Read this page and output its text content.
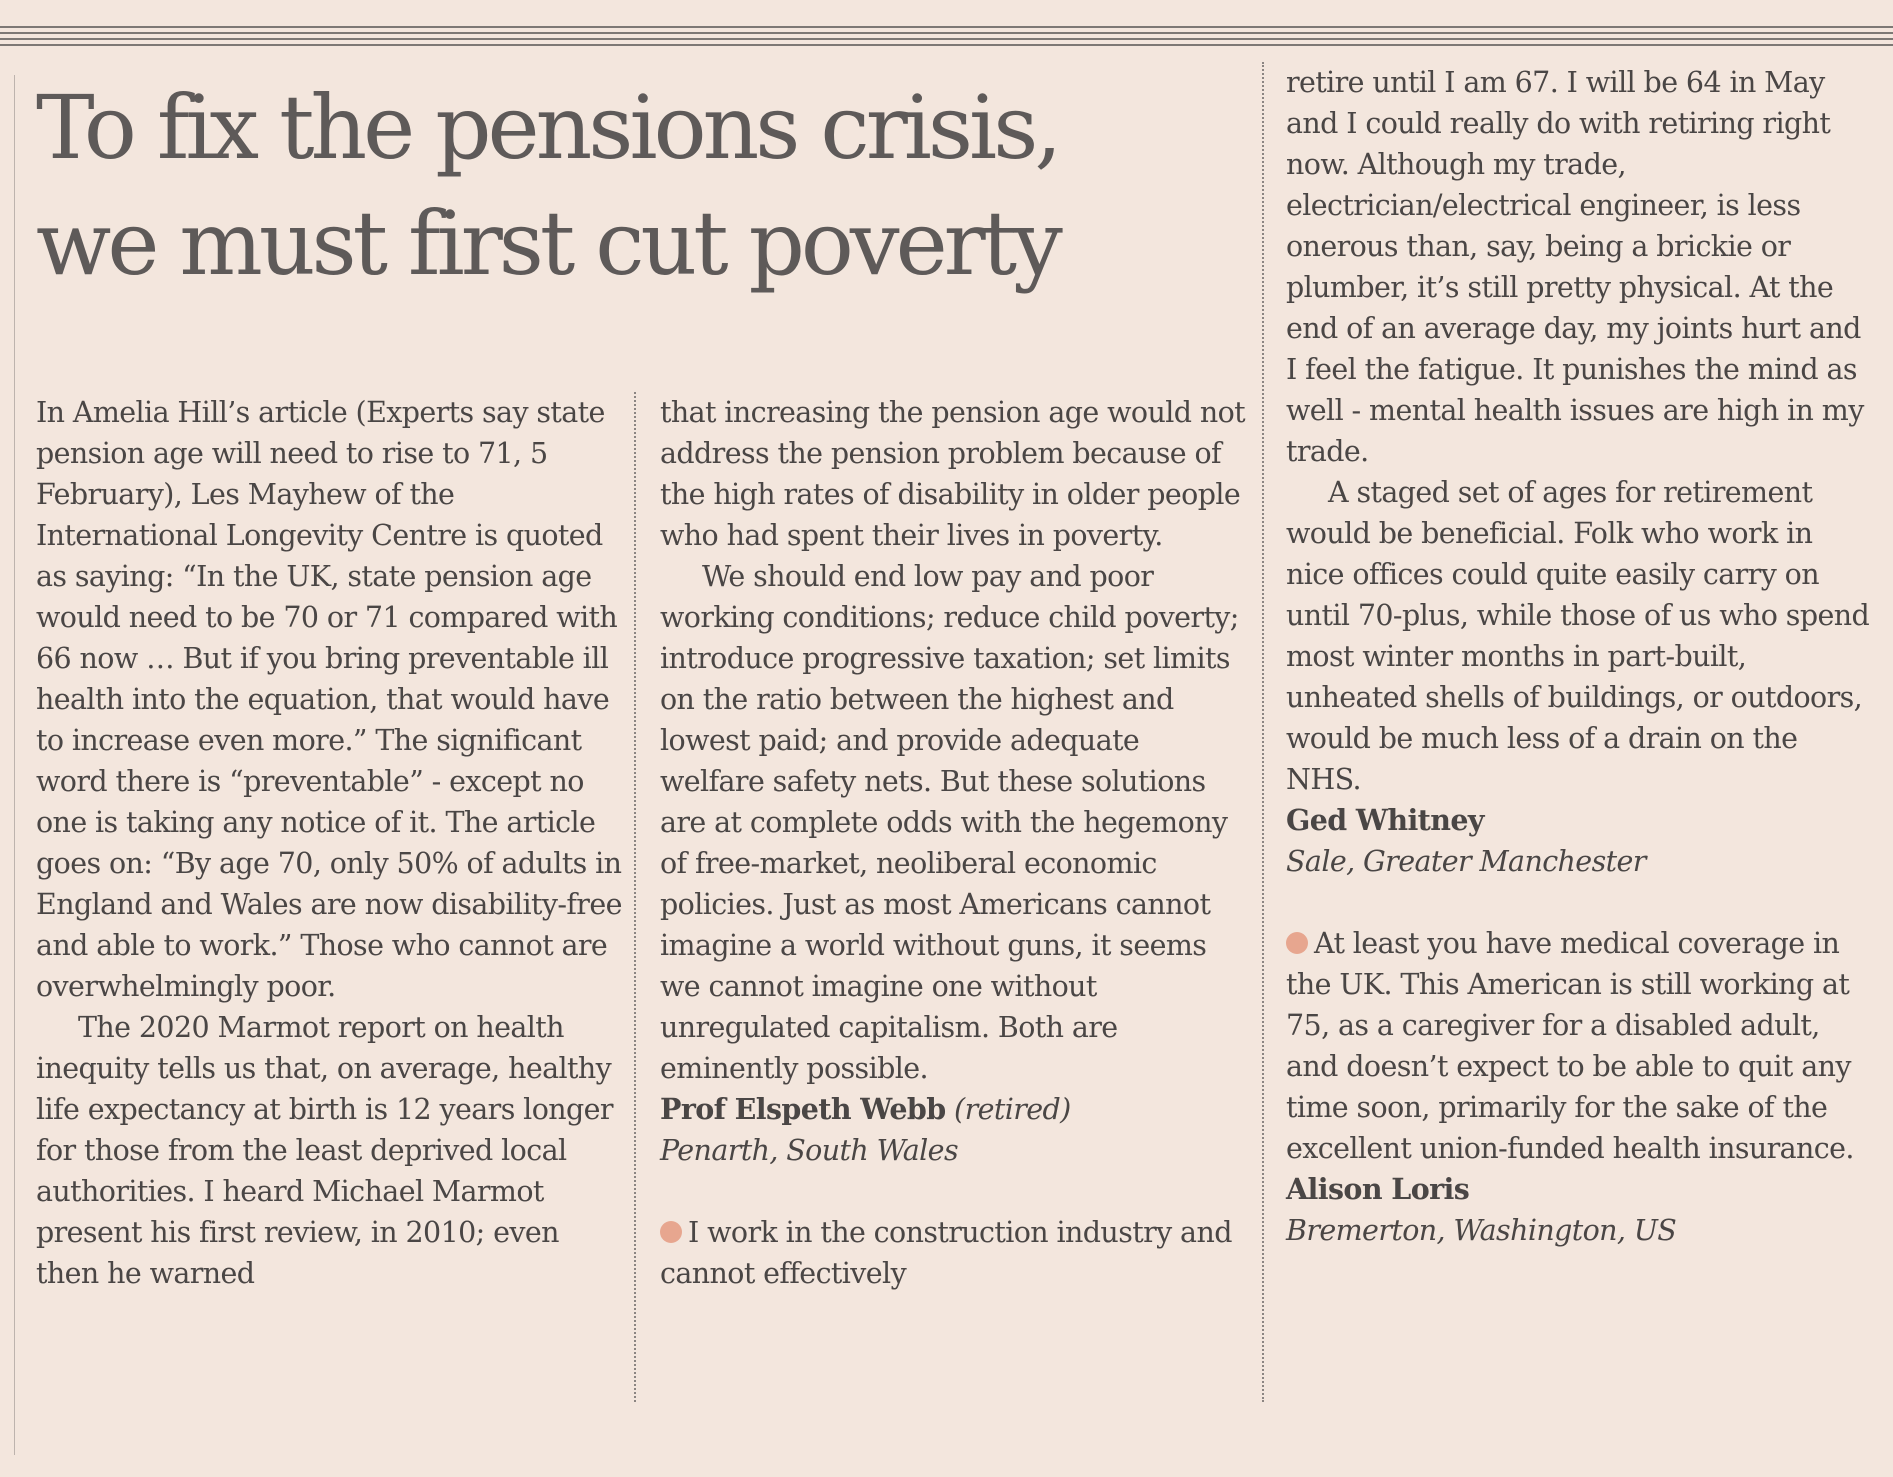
To fix the pensions crisis,
we must first cut poverty

In Amelia Hill’s article (Experts say state pension age will need to rise to 71, 5 February), Les Mayhew of the International Longevity Centre is quoted as saying: “In the UK, state pension age would need to be 70 or 71 compared with 66 now … But if you bring preventable ill health into the equation, that would have to increase even more.” The significant word there is “preventable” - except no one is taking any notice of it. The article goes on: “By age 70, only 50% of adults in England and Wales are now disability-free and able to work.” Those who cannot are overwhelmingly poor.

The 2020 Marmot report on health inequity tells us that, on average, healthy life expectancy at birth is 12 years longer for those from the least deprived local authorities. I heard Michael Marmot present his first review, in 2010; even then he warned

that increasing the pension age would not address the pension problem because of the high rates of disability in older people who had spent their lives in poverty.

We should end low pay and poor working conditions; reduce child poverty; introduce progressive taxation; set limits on the ratio between the highest and lowest paid; and provide adequate welfare safety nets. But these solutions are at complete odds with the hegemony of free-market, neoliberal economic policies. Just as most Americans cannot imagine a world without guns, it seems we cannot imagine one without unregulated capitalism. Both are eminently possible.

Prof Elspeth Webb (retired)

Penarth, South Wales

I work in the construction industry and cannot effectively

retire until I am 67. I will be 64 in May and I could really do with retiring right now. Although my trade, electrician/electrical engineer, is less onerous than, say, being a brickie or plumber, it’s still pretty physical. At the end of an average day, my joints hurt and I feel the fatigue. It punishes the mind as well - mental health issues are high in my trade.

A staged set of ages for retirement would be beneficial. Folk who work in nice offices could quite easily carry on until 70-plus, while those of us who spend most winter months in part-built, unheated shells of buildings, or outdoors, would be much less of a drain on the NHS.

Ged Whitney

Sale, Greater Manchester

At least you have medical coverage in the UK. This American is still working at 75, as a caregiver for a disabled adult, and doesn’t expect to be able to quit any time soon, primarily for the sake of the excellent union-funded health insurance.

Alison Loris

Bremerton, Washington, US
